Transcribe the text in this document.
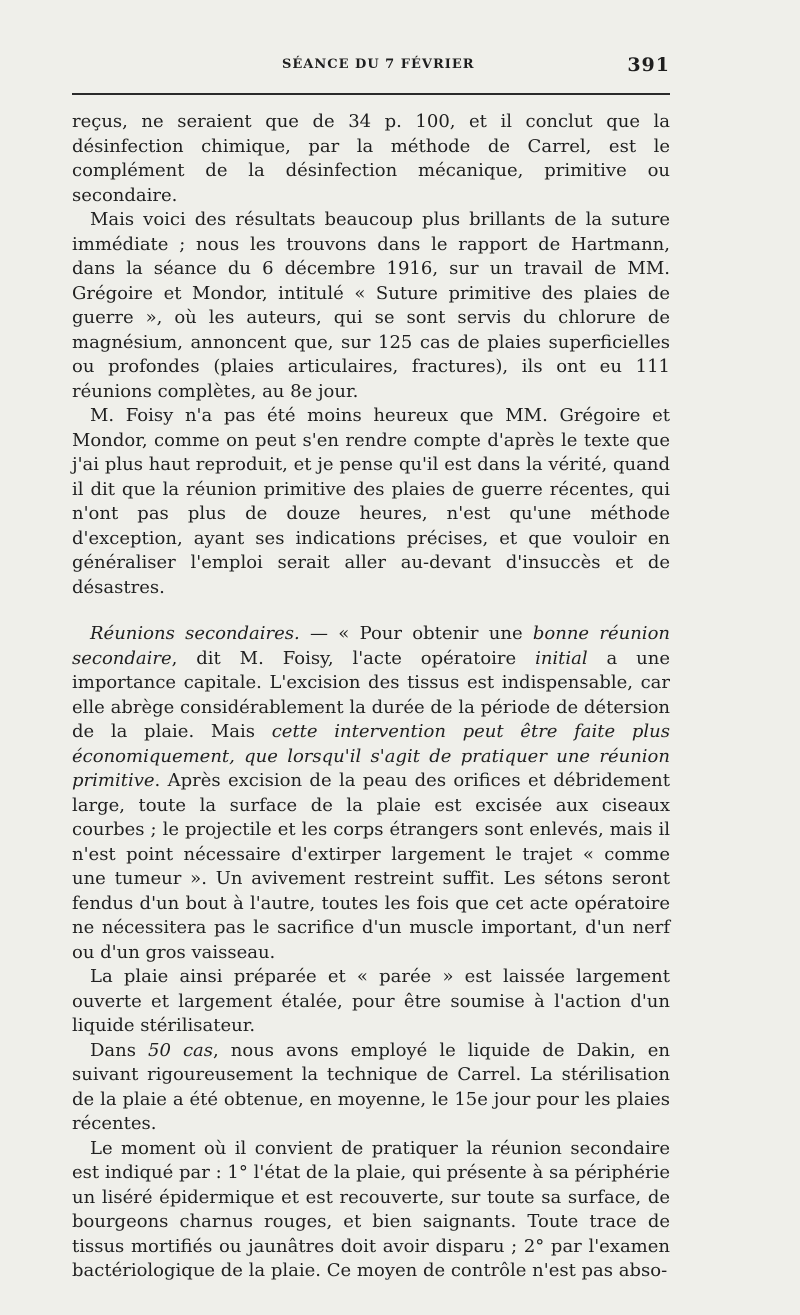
SÉANCE DU 7 FÉVRIER	391

reçus, ne seraient que de 34 p. 100, et il conclut que la désinfection chimique, par la méthode de Carrel, est le complément de la désinfection mécanique, primitive ou secondaire.

Mais voici des résultats beaucoup plus brillants de la suture immédiate ; nous les trouvons dans le rapport de Hartmann, dans la séance du 6 décembre 1916, sur un travail de MM. Grégoire et Mondor, intitulé « Suture primitive des plaies de guerre », où les auteurs, qui se sont servis du chlorure de magnésium, annoncent que, sur 125 cas de plaies superficielles ou profondes (plaies articulaires, fractures), ils ont eu 111 réunions complètes, au 8e jour.

M. Foisy n'a pas été moins heureux que MM. Grégoire et Mondor, comme on peut s'en rendre compte d'après le texte que j'ai plus haut reproduit, et je pense qu'il est dans la vérité, quand il dit que la réunion primitive des plaies de guerre récentes, qui n'ont pas plus de douze heures, n'est qu'une méthode d'exception, ayant ses indications précises, et que vouloir en généraliser l'emploi serait aller au-devant d'insuccès et de désastres.

Réunions secondaires. — « Pour obtenir une bonne réunion secondaire, dit M. Foisy, l'acte opératoire initial a une importance capitale. L'excision des tissus est indispensable, car elle abrège considérablement la durée de la période de détersion de la plaie. Mais cette intervention peut être faite plus économiquement, que lorsqu'il s'agit de pratiquer une réunion primitive. Après excision de la peau des orifices et débridement large, toute la surface de la plaie est excisée aux ciseaux courbes ; le projectile et les corps étrangers sont enlevés, mais il n'est point nécessaire d'extirper largement le trajet « comme une tumeur ». Un avivement restreint suffit. Les sétons seront fendus d'un bout à l'autre, toutes les fois que cet acte opératoire ne nécessitera pas le sacrifice d'un muscle important, d'un nerf ou d'un gros vaisseau.

La plaie ainsi préparée et « parée » est laissée largement ouverte et largement étalée, pour être soumise à l'action d'un liquide stérilisateur.

Dans 50 cas, nous avons employé le liquide de Dakin, en suivant rigoureusement la technique de Carrel. La stérilisation de la plaie a été obtenue, en moyenne, le 15e jour pour les plaies récentes.

Le moment où il convient de pratiquer la réunion secondaire est indiqué par : 1° l'état de la plaie, qui présente à sa périphérie un liséré épidermique et est recouverte, sur toute sa surface, de bourgeons charnus rouges, et bien saignants. Toute trace de tissus mortifiés ou jaunâtres doit avoir disparu ; 2° par l'examen bactériologique de la plaie. Ce moyen de contrôle n'est pas abso-
